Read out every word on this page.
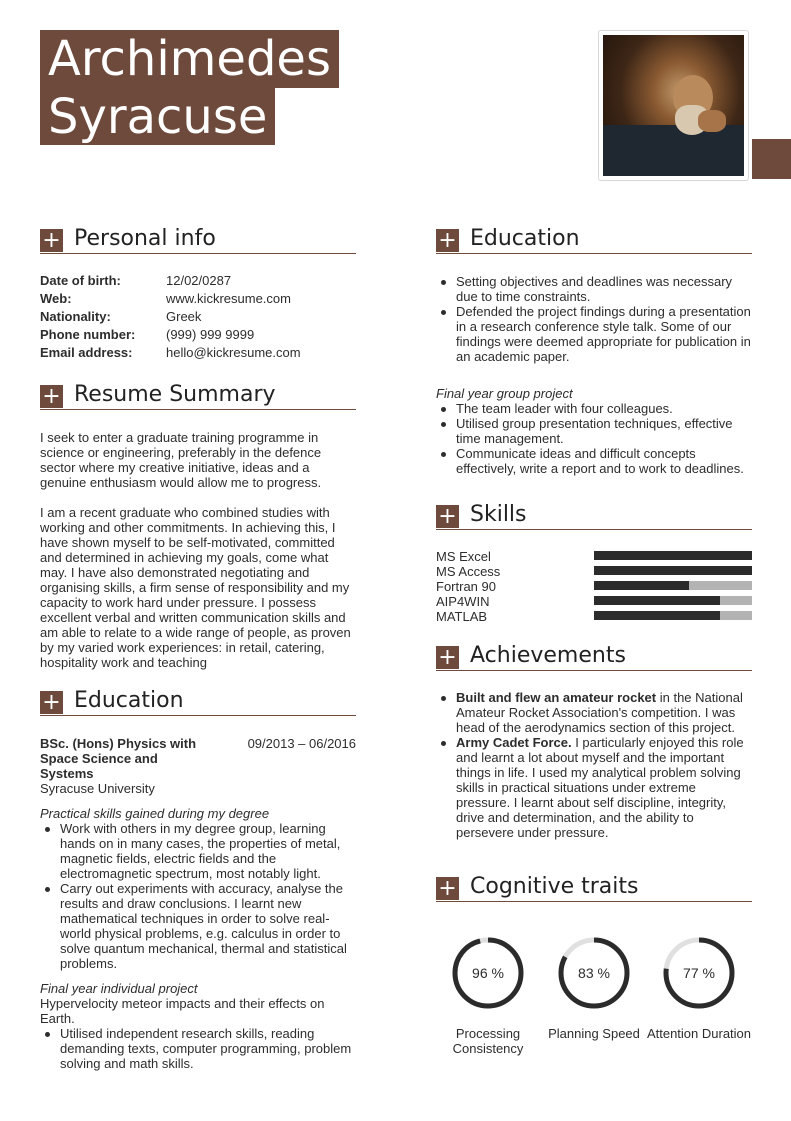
Archimedes
Syracuse
+ Personal info
Date of birth:	12/02/0287
Web:	www.kickresume.com
Nationality:	Greek
Phone number:	(999) 999 9999
Email address:	hello@kickresume.com
+ Resume Summary
I seek to enter a graduate training programme in science or engineering, preferably in the defence sector where my creative initiative, ideas and a genuine enthusiasm would allow me to progress.
I am a recent graduate who combined studies with working and other commitments. In achieving this, I have shown myself to be self-motivated, committed and determined in achieving my goals, come what may. I have also demonstrated negotiating and organising skills, a firm sense of responsibility and my capacity to work hard under pressure. I possess excellent verbal and written communication skills and am able to relate to a wide range of people, as proven by my varied work experiences: in retail, catering, hospitality work and teaching
+ Education
BSc. (Hons) Physics with Space Science and Systems
09/2013 – 06/2016
Syracuse University
Practical skills gained during my degree
Work with others in my degree group, learning hands on in many cases, the properties of metal, magnetic fields, electric fields and the electromagnetic spectrum, most notably light.
Carry out experiments with accuracy, analyse the results and draw conclusions. I learnt new mathematical techniques in order to solve real-world physical problems, e.g. calculus in order to solve quantum mechanical, thermal and statistical problems.
Final year individual project
Hypervelocity meteor impacts and their effects on Earth.
Utilised independent research skills, reading demanding texts, computer programming, problem solving and math skills.
+ Education
Setting objectives and deadlines was necessary due to time constraints.
Defended the project findings during a presentation in a research conference style talk. Some of our findings were deemed appropriate for publication in an academic paper.
Final year group project
The team leader with four colleagues.
Utilised group presentation techniques, effective time management.
Communicate ideas and difficult concepts effectively, write a report and to work to deadlines.
+ Skills
MS Excel
MS Access
Fortran 90
AIP4WIN
MATLAB
+ Achievements
Built and flew an amateur rocket in the National Amateur Rocket Association's competition. I was head of the aerodynamics section of this project.
Army Cadet Force. I particularly enjoyed this role and learnt a lot about myself and the important things in life. I used my analytical problem solving skills in practical situations under extreme pressure. I learnt about self discipline, integrity, drive and determination, and the ability to persevere under pressure.
+ Cognitive traits
96 %
Processing Consistency
83 %
Planning Speed
77 %
Attention Duration
